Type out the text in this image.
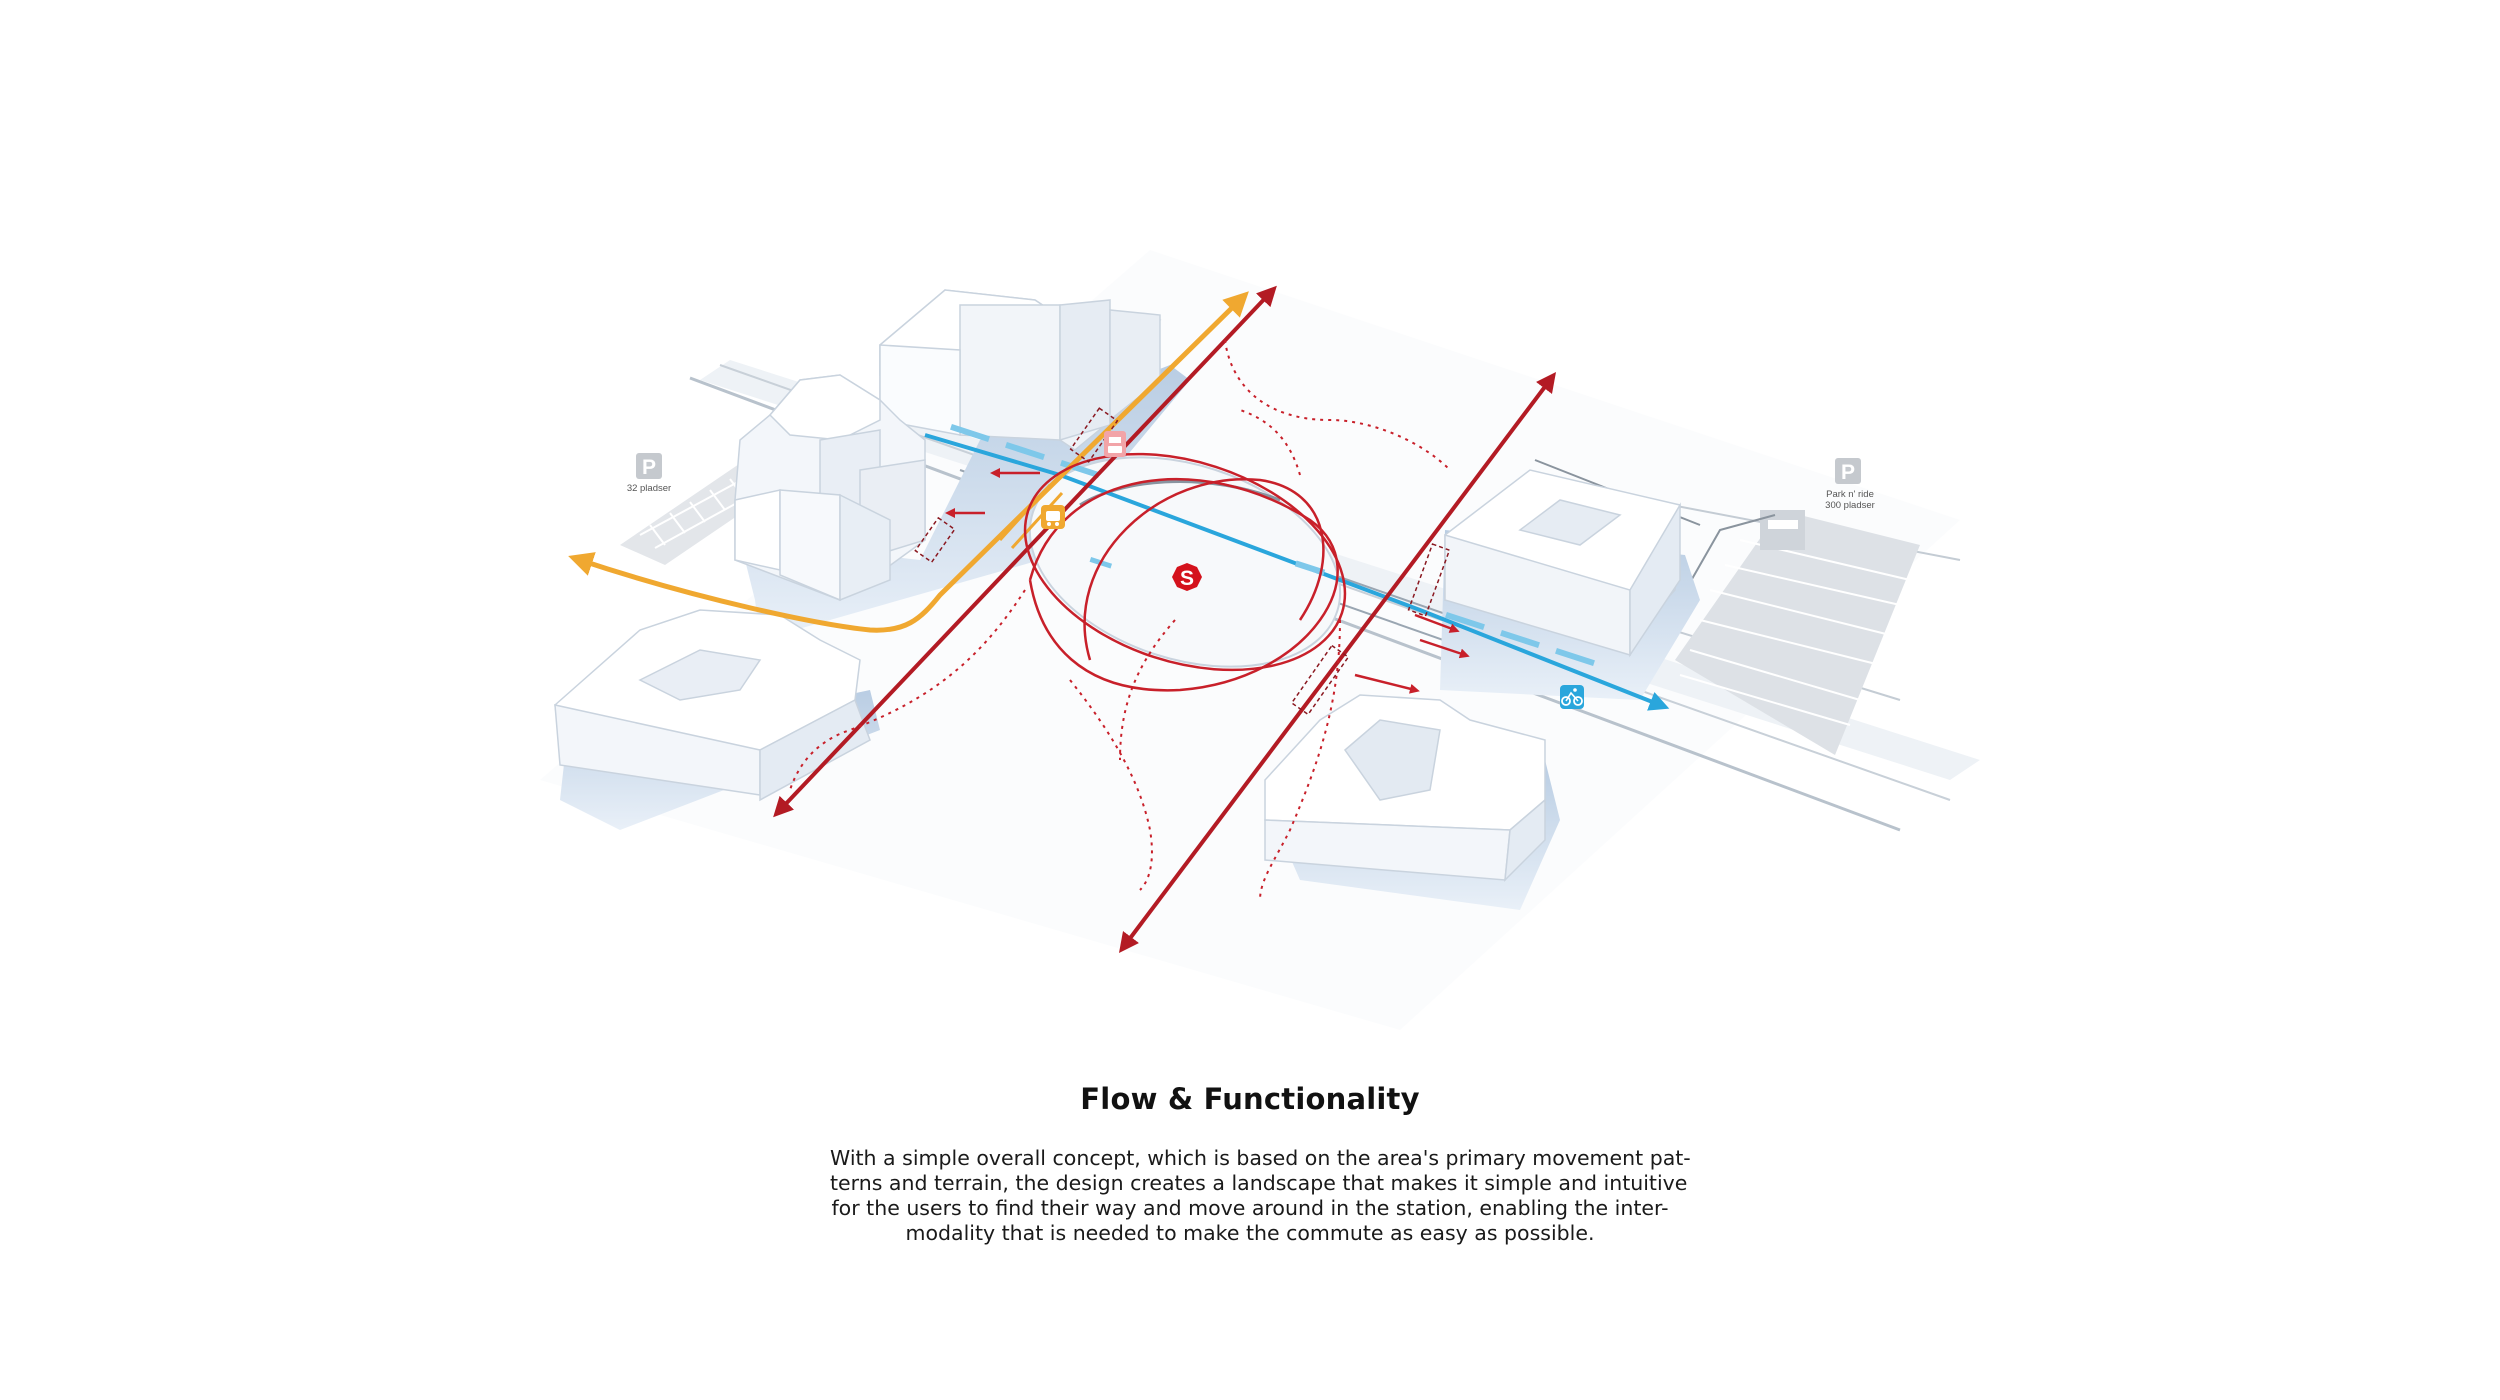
P
32 pladser
P
Park n' ride
300 pladser
S
Flow & Functionality
With a simple overall concept, which is based on the area's primary movement pat-
terns and terrain, the design creates a landscape that makes it simple and intuitive
for the users to find their way and move around in the station, enabling the inter-
modality that is needed to make the commute as easy as possible.
